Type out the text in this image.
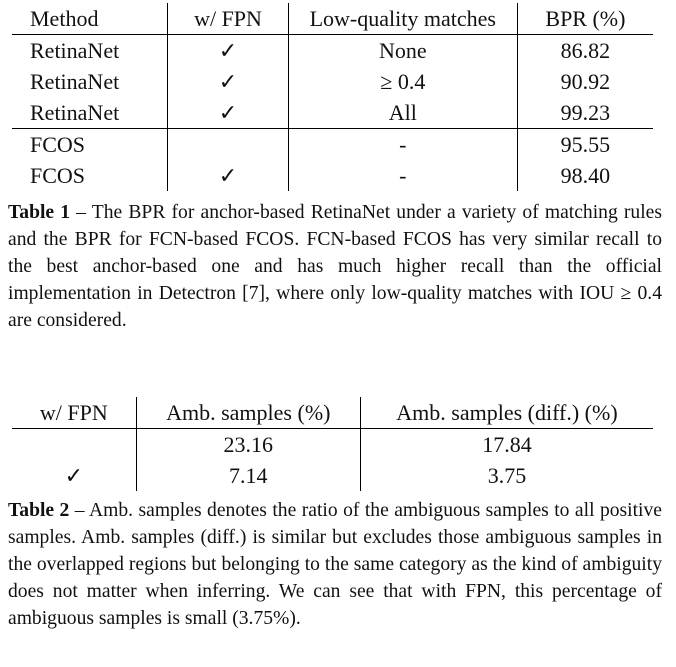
Method	w/ FPN	Low-quality matches	BPR (%)
RetinaNet	✓	None	86.82
RetinaNet	✓	≥ 0.4	90.92
RetinaNet	✓	All	99.23
FCOS		-	95.55
FCOS	✓	-	98.40

Table 1 – The BPR for anchor-based RetinaNet under a variety of matching rules and the BPR for FCN-based FCOS. FCN-based FCOS has very similar recall to the best anchor-based one and has much higher recall than the official implementation in Detectron [7], where only low-quality matches with IOU ≥ 0.4 are considered.

w/ FPN	Amb. samples (%)	Amb. samples (diff.) (%)
	23.16	17.84
✓	7.14	3.75

Table 2 – Amb. samples denotes the ratio of the ambiguous samples to all positive samples. Amb. samples (diff.) is similar but excludes those ambiguous samples in the overlapped regions but belonging to the same category as the kind of ambiguity does not matter when inferring. We can see that with FPN, this percentage of ambiguous samples is small (3.75%).
